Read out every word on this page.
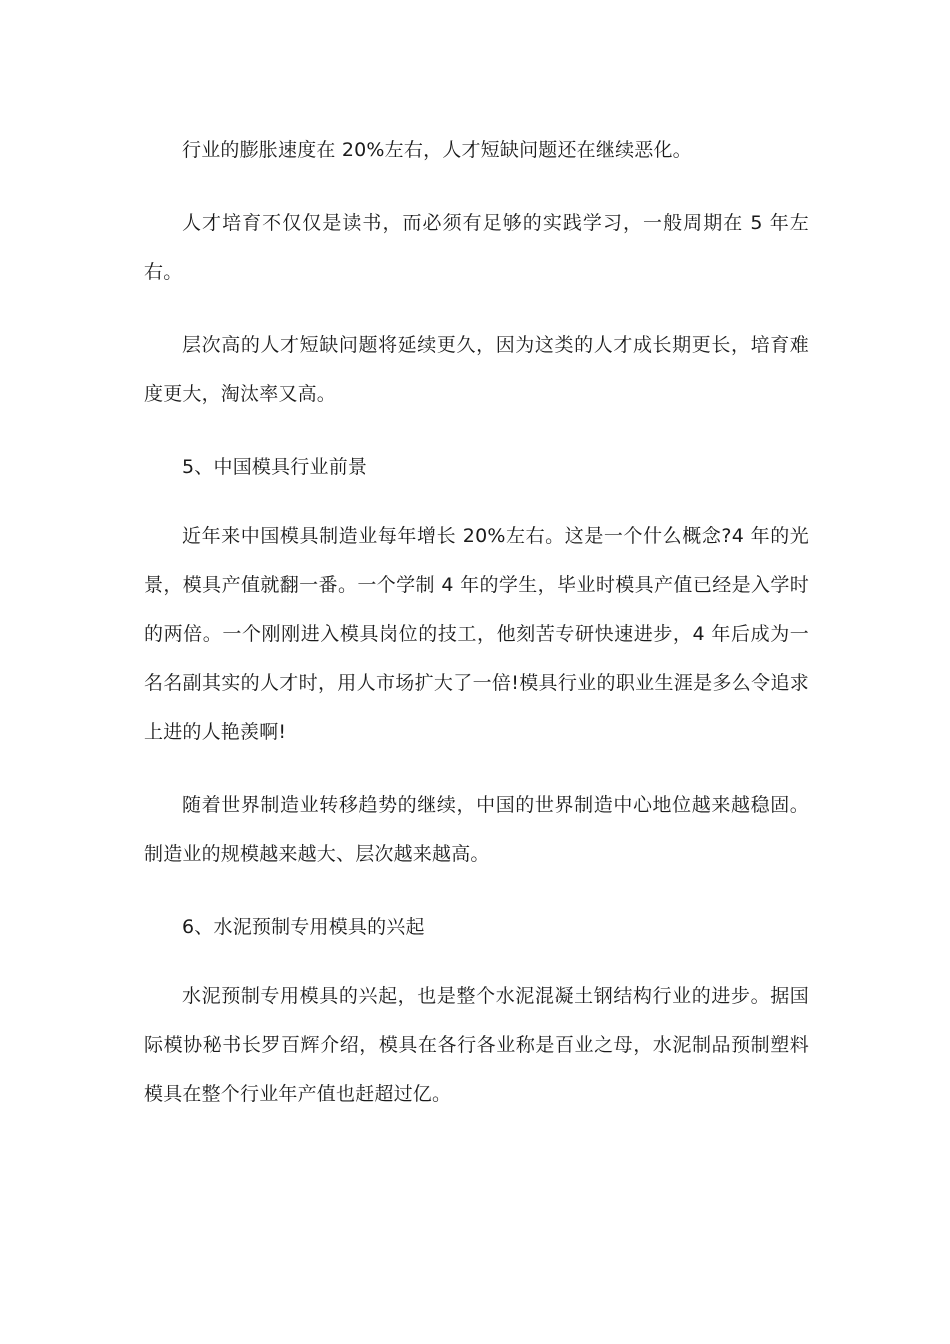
行业的膨胀速度在 20%左右，人才短缺问题还在继续恶化。

人才培育不仅仅是读书，而必须有足够的实践学习，一般周期在 5 年左右。

层次高的人才短缺问题将延续更久，因为这类的人才成长期更长，培育难度更大，淘汰率又高。

5、中国模具行业前景

近年来中国模具制造业每年增长 20%左右。这是一个什么概念?4 年的光景，模具产值就翻一番。一个学制 4 年的学生，毕业时模具产值已经是入学时的两倍。一个刚刚进入模具岗位的技工，他刻苦专研快速进步，4 年后成为一名名副其实的人才时，用人市场扩大了一倍!模具行业的职业生涯是多么令追求上进的人艳羡啊!

随着世界制造业转移趋势的继续，中国的世界制造中心地位越来越稳固。制造业的规模越来越大、层次越来越高。

6、水泥预制专用模具的兴起

水泥预制专用模具的兴起，也是整个水泥混凝土钢结构行业的进步。据国际模协秘书长罗百辉介绍，模具在各行各业称是百业之母，水泥制品预制塑料模具在整个行业年产值也赶超过亿。
